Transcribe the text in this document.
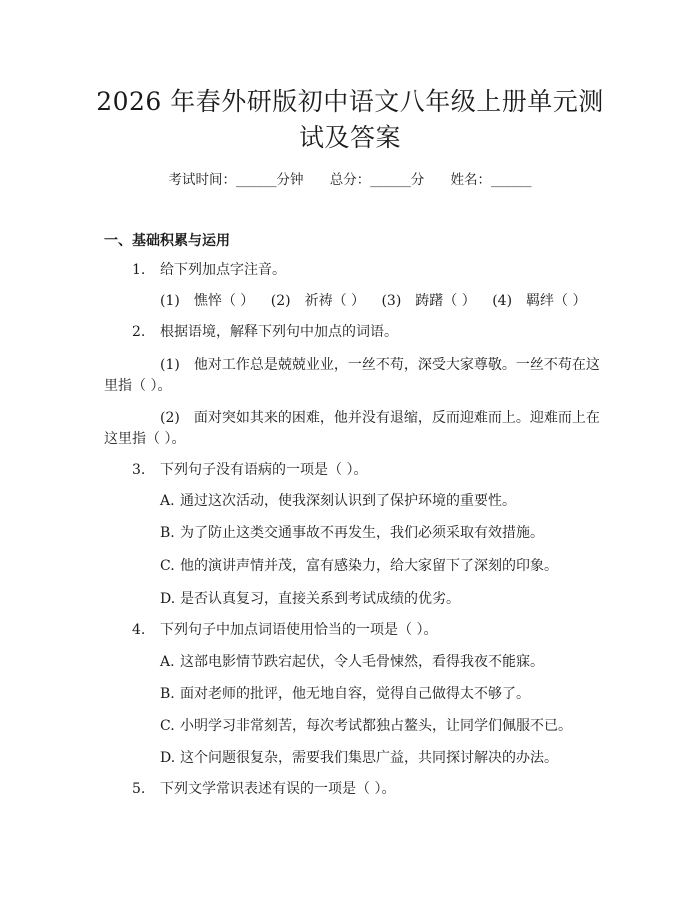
2026 年春外研版初中语文八年级上册单元测
试及答案
考试时间：______分钟 总分：______分 姓名：______
一、基础积累与运用
1. 给下列加点字注音。
(1)　憔悴（ ） (2)　祈祷（ ） (3)　踌躇（ ） (4)　羁绊（ ）
2. 根据语境，解释下列句中加点的词语。
(1)　他对工作总是兢兢业业，一丝不苟，深受大家尊敬。一丝不苟在这
里指（ ）。
(2)　面对突如其来的困难，他并没有退缩，反而迎难而上。迎难而上在
这里指（ ）。
3. 下列句子没有语病的一项是（ ）。
A. 通过这次活动，使我深刻认识到了保护环境的重要性。
B. 为了防止这类交通事故不再发生，我们必须采取有效措施。
C. 他的演讲声情并茂，富有感染力，给大家留下了深刻的印象。
D. 是否认真复习，直接关系到考试成绩的优劣。
4. 下列句子中加点词语使用恰当的一项是（ ）。
A. 这部电影情节跌宕起伏，令人毛骨悚然，看得我夜不能寐。
B. 面对老师的批评，他无地自容，觉得自己做得太不够了。
C. 小明学习非常刻苦，每次考试都独占鳌头，让同学们佩服不已。
D. 这个问题很复杂，需要我们集思广益，共同探讨解决的办法。
5. 下列文学常识表述有误的一项是（ ）。
